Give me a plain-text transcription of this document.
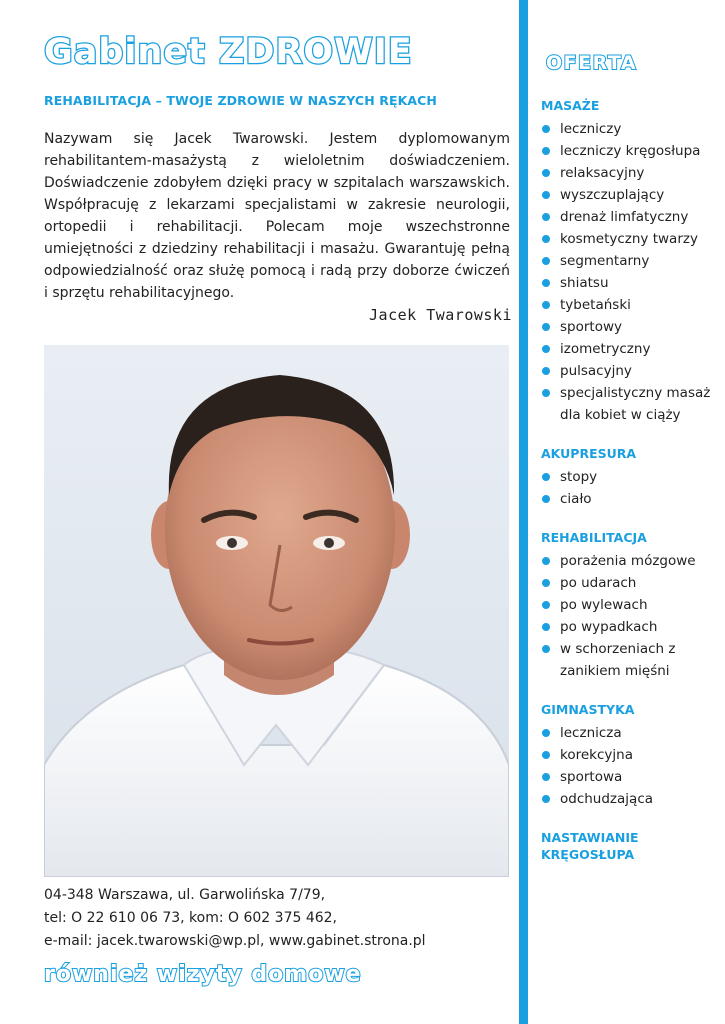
Gabinet ZDROWIE
REHABILITACJA – TWOJE ZDROWIE W NASZYCH RĘKACH
Nazywam się Jacek Twarowski. Jestem dyplomowanym rehabilitantem-masażystą z wieloletnim doświadczeniem. Doświadczenie zdobyłem dzięki pracy w szpitalach warszawskich. Współpracuję z lekarzami specjalistami w zakresie neurologii, ortopedii i rehabilitacji. Polecam moje wszechstronne umiejętności z dziedziny rehabilitacji i masażu. Gwarantuję pełną odpowiedzialność oraz służę pomocą i radą przy doborze ćwiczeń i sprzętu rehabilitacyjnego.
Jacek Twarowski
04-348 Warszawa, ul. Garwolińska 7/79,
tel: O 22 610 06 73, kom: O 602 375 462,
e-mail: jacek.twarowski@wp.pl, www.gabinet.strona.pl
również wizyty domowe
OFERTA
MASAŻE
leczniczy
leczniczy kręgosłupa
relaksacyjny
wyszczuplający
drenaż limfatyczny
kosmetyczny twarzy
segmentarny
shiatsu
tybetański
sportowy
izometryczny
pulsacyjny
specjalistyczny masaż dla kobiet w ciąży
AKUPRESURA
stopy
ciało
REHABILITACJA
porażenia mózgowe
po udarach
po wylewach
po wypadkach
w schorzeniach z zanikiem mięśni
GIMNASTYKA
lecznicza
korekcyjna
sportowa
odchudzająca
NASTAWIANIE KRĘGOSŁUPA
